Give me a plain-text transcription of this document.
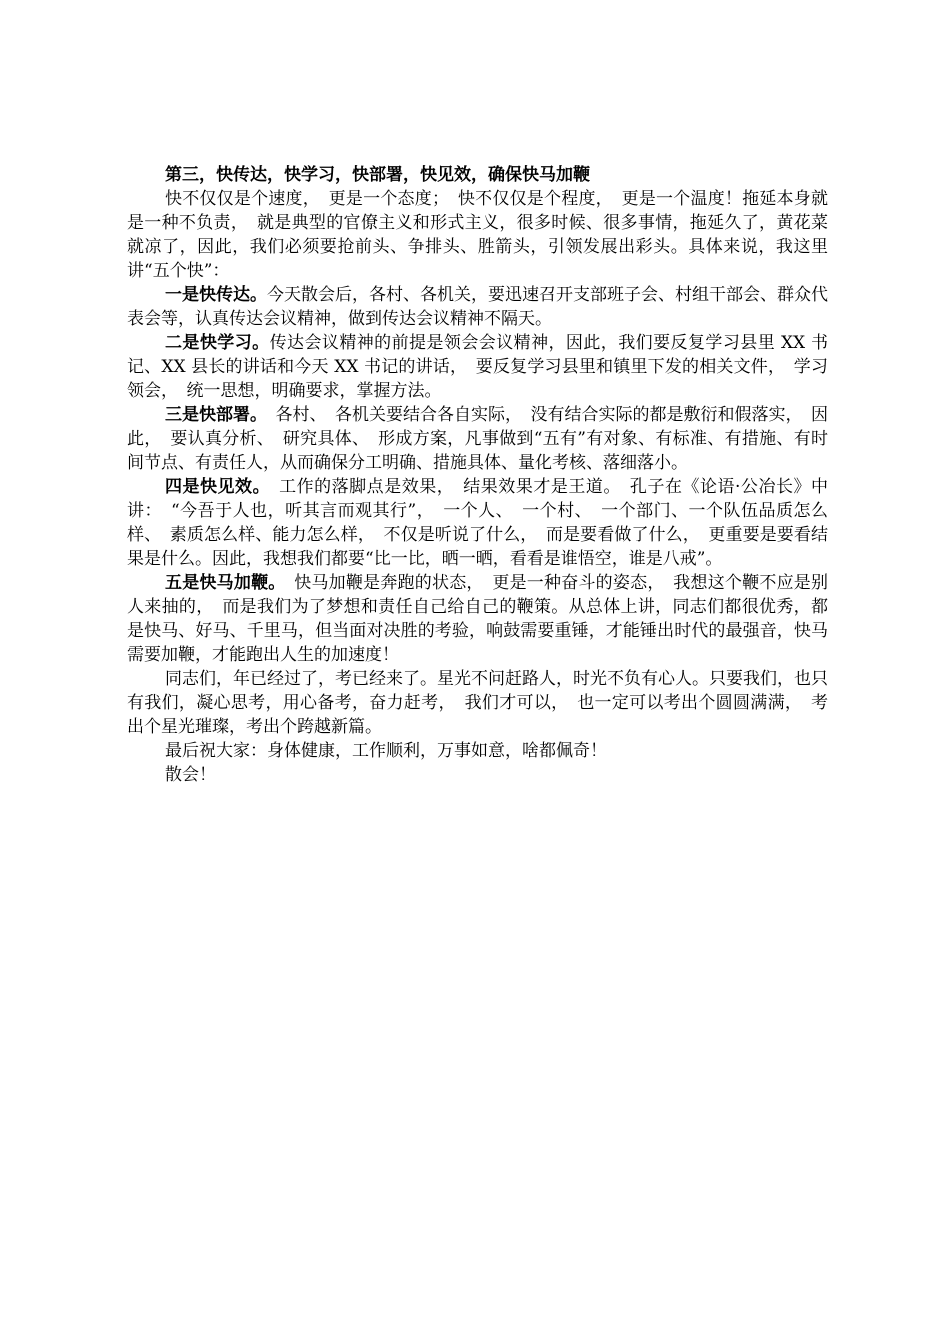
第三，快传达，快学习，快部署，快见效，确保快马加鞭

快不仅仅是个速度，　更是一个态度；　快不仅仅是个程度，　更是一个温度！拖延本身就是一种不负责，　就是典型的官僚主义和形式主义，很多时候、很多事情，拖延久了，黄花菜就凉了，因此，我们必须要抢前头、争排头、胜箭头，引领发展出彩头。具体来说，我这里讲“五个快”：

一是快传达。今天散会后，各村、各机关，要迅速召开支部班子会、村组干部会、群众代表会等，认真传达会议精神，做到传达会议精神不隔天。

二是快学习。传达会议精神的前提是领会会议精神，因此，我们要反复学习县里 XX 书记、XX 县长的讲话和今天 XX 书记的讲话，　要反复学习县里和镇里下发的相关文件，　学习领会，　统一思想，明确要求，掌握方法。

三是快部署。　各村、　各机关要结合各自实际，　没有结合实际的都是敷衍和假落实，　因此，　要认真分析、　研究具体、　形成方案，凡事做到“五有”有对象、有标准、有措施、有时间节点、有责任人，从而确保分工明确、措施具体、量化考核、落细落小。

四是快见效。　工作的落脚点是效果，　结果效果才是王道。　孔子在《论语·公冶长》中讲：　“今吾于人也，听其言而观其行”，　一个人、　一个村、　一个部门、一个队伍品质怎么样、　素质怎么样、能力怎么样，　不仅是听说了什么，　而是要看做了什么，　更重要是要看结果是什么。因此，我想我们都要“比一比，晒一晒，看看是谁悟空，谁是八戒”。

五是快马加鞭。　快马加鞭是奔跑的状态，　更是一种奋斗的姿态，　我想这个鞭不应是别人来抽的，　而是我们为了梦想和责任自己给自己的鞭策。从总体上讲，同志们都很优秀，都是快马、好马、千里马，但当面对决胜的考验，响鼓需要重锤，才能锤出时代的最强音，快马需要加鞭，才能跑出人生的加速度！

同志们，年已经过了，考已经来了。星光不问赶路人，时光不负有心人。只要我们，也只有我们，凝心思考，用心备考，奋力赶考，　我们才可以，　也一定可以考出个圆圆满满，　考出个星光璀璨，考出个跨越新篇。

最后祝大家：身体健康，工作顺利，万事如意，啥都佩奇！

散会！
